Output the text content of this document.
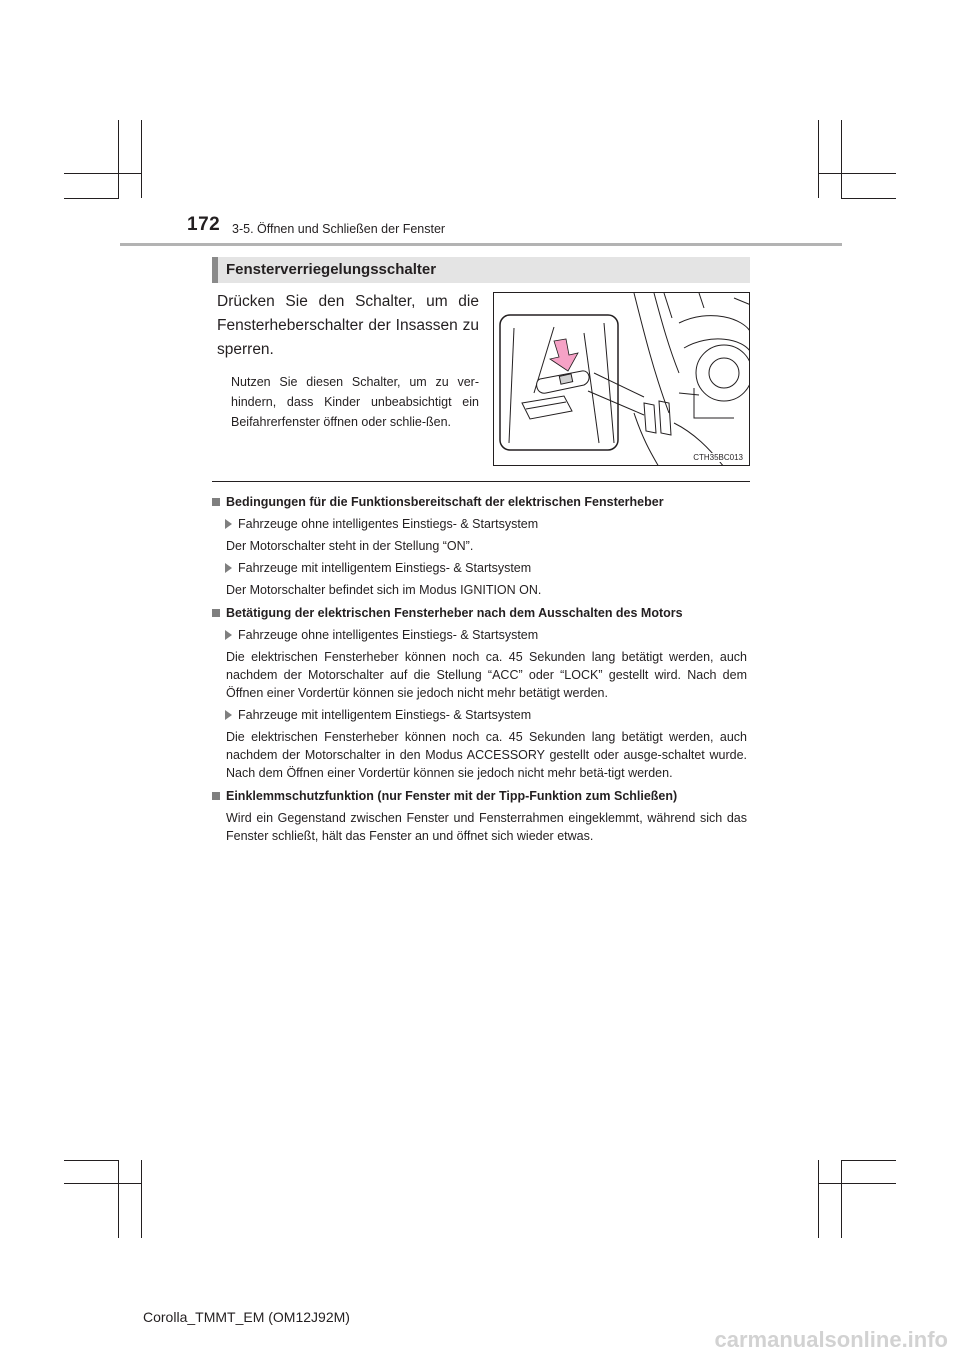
172 3-5. Öffnen und Schließen der Fenster
Fensterverriegelungsschalter
Drücken Sie den Schalter, um die Fensterheberschalter der Insassen zu sperren.
Nutzen Sie diesen Schalter, um zu ver-hindern, dass Kinder unbeabsichtigt ein Beifahrerfenster öffnen oder schlie-ßen.
CTH35BC013
Bedingungen für die Funktionsbereitschaft der elektrischen Fensterheber
Fahrzeuge ohne intelligentes Einstiegs- & Startsystem
Der Motorschalter steht in der Stellung “ON”.
Fahrzeuge mit intelligentem Einstiegs- & Startsystem
Der Motorschalter befindet sich im Modus IGNITION ON.
Betätigung der elektrischen Fensterheber nach dem Ausschalten des Motors
Fahrzeuge ohne intelligentes Einstiegs- & Startsystem
Die elektrischen Fensterheber können noch ca. 45 Sekunden lang betätigt werden, auch nachdem der Motorschalter auf die Stellung “ACC” oder “LOCK” gestellt wird. Nach dem Öffnen einer Vordertür können sie jedoch nicht mehr betätigt werden.
Fahrzeuge mit intelligentem Einstiegs- & Startsystem
Die elektrischen Fensterheber können noch ca. 45 Sekunden lang betätigt werden, auch nachdem der Motorschalter in den Modus ACCESSORY gestellt oder ausge-schaltet wurde. Nach dem Öffnen einer Vordertür können sie jedoch nicht mehr betä-tigt werden.
Einklemmschutzfunktion (nur Fenster mit der Tipp-Funktion zum Schließen)
Wird ein Gegenstand zwischen Fenster und Fensterrahmen eingeklemmt, während sich das Fenster schließt, hält das Fenster an und öffnet sich wieder etwas.
Corolla_TMMT_EM (OM12J92M)
carmanualsonline.info
